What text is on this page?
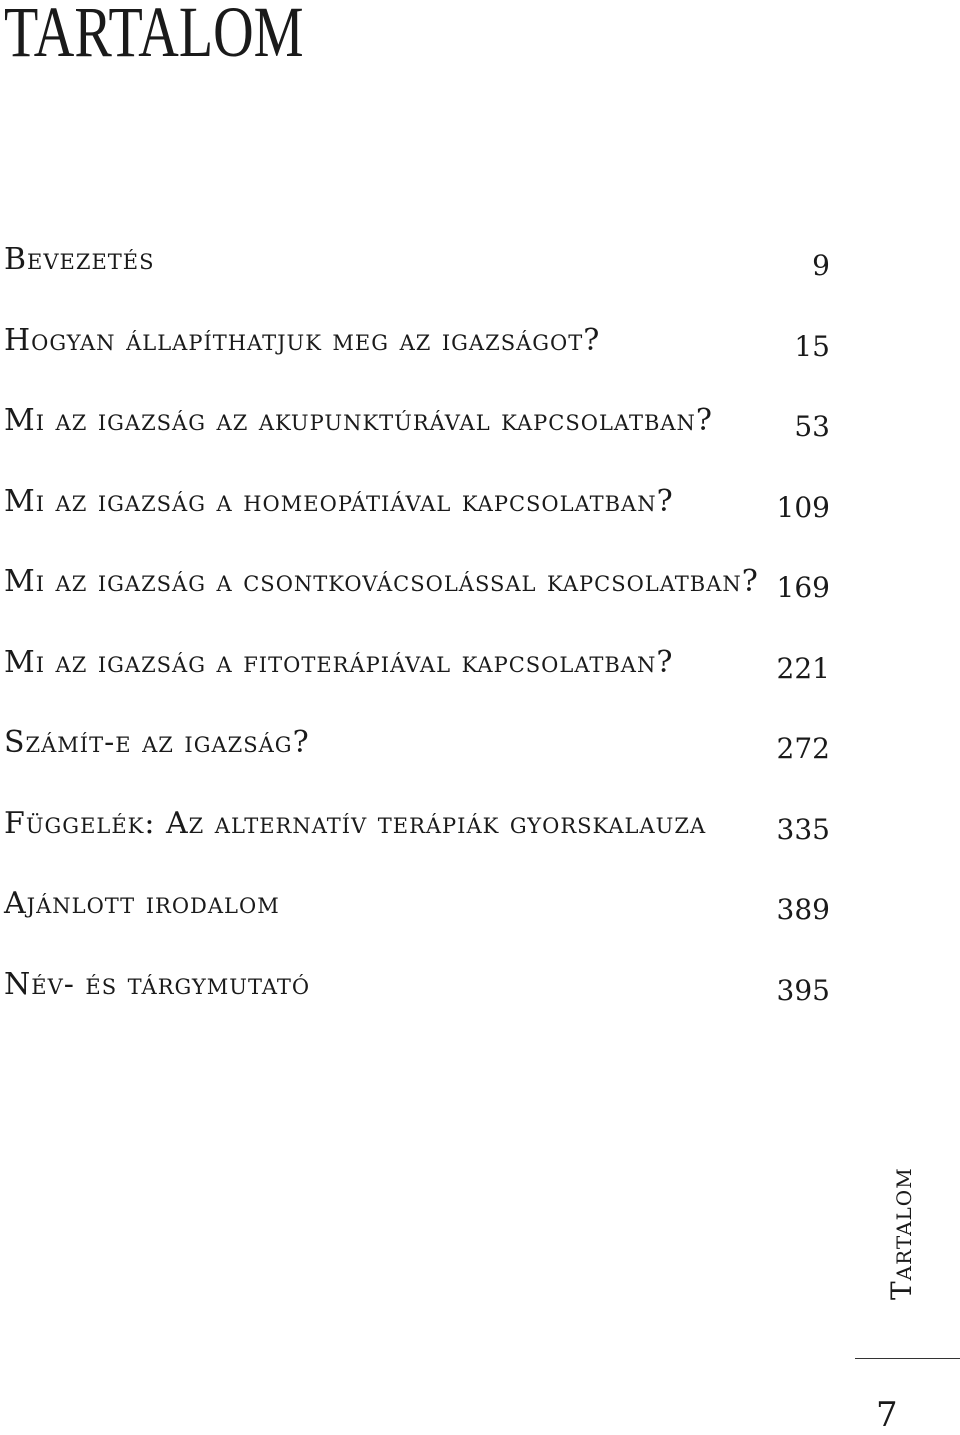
TARTALOM
Bevezetés	9
Hogyan állapíthatjuk meg az igazságot?	15
Mi az igazság az akupunktúrával kapcsolatban?	53
Mi az igazság a homeopátiával kapcsolatban?	109
Mi az igazság a csontkovácsolással kapcsolatban? 169
Mi az igazság a fitoterápiával kapcsolatban?	221
Számít-e az igazság?	272
Függelék: Az alternatív terápiák gyorskalauza	335
Ajánlott irodalom	389
Név- és tárgymutató	395
Tartalom
7
